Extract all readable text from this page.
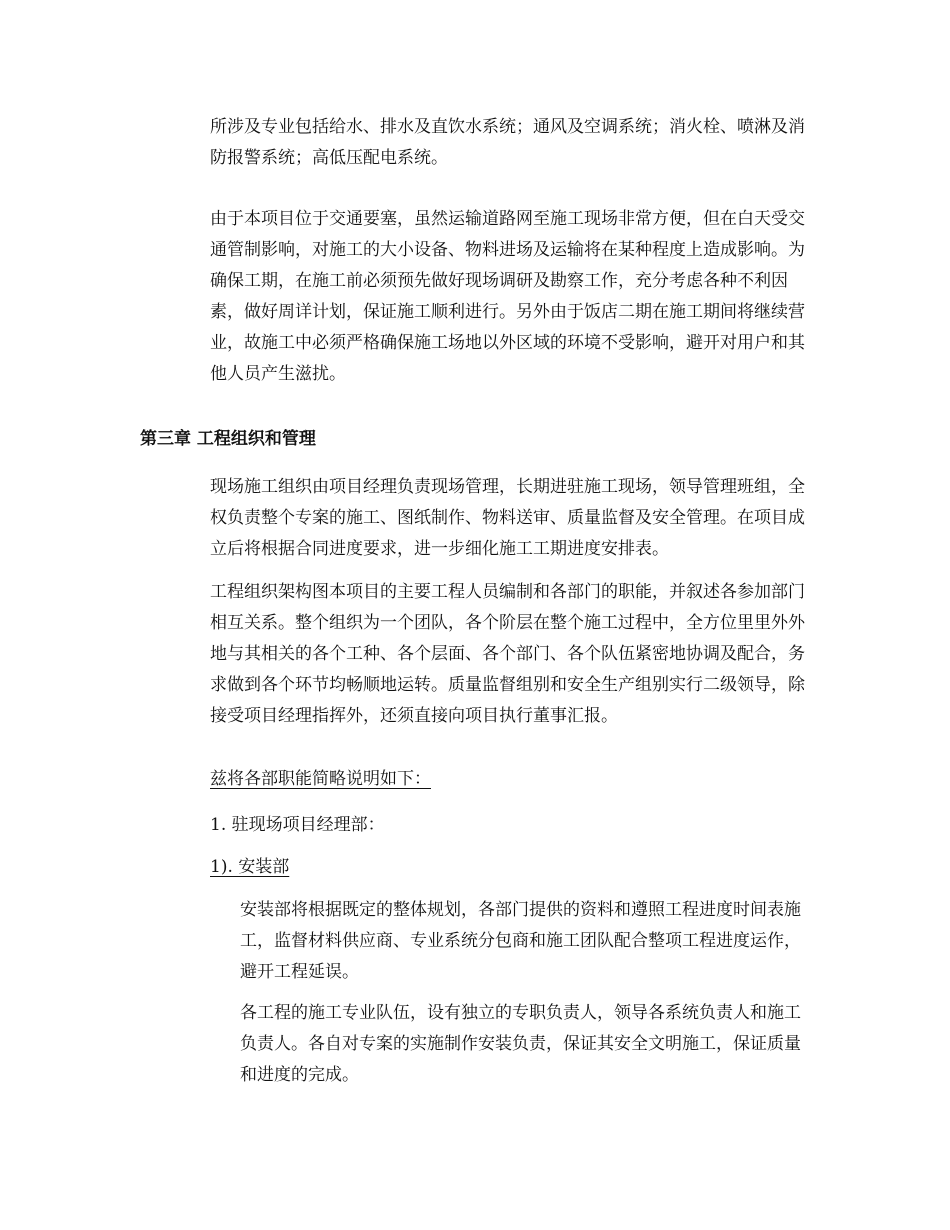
所涉及专业包括给水、排水及直饮水系统；通风及空调系统；消火栓、喷淋及消防报警系统；高低压配电系统。

由于本项目位于交通要塞，虽然运输道路网至施工现场非常方便，但在白天受交通管制影响，对施工的大小设备、物料进场及运输将在某种程度上造成影响。为确保工期，在施工前必须预先做好现场调研及勘察工作，充分考虑各种不利因素，做好周详计划，保证施工顺利进行。另外由于饭店二期在施工期间将继续营业，故施工中必须严格确保施工场地以外区域的环境不受影响，避开对用户和其他人员产生滋扰。

第三章 工程组织和管理

现场施工组织由项目经理负责现场管理，长期进驻施工现场，领导管理班组，全权负责整个专案的施工、图纸制作、物料送审、质量监督及安全管理。在项目成立后将根据合同进度要求，进一步细化施工工期进度安排表。

工程组织架构图本项目的主要工程人员编制和各部门的职能，并叙述各参加部门相互关系。整个组织为一个团队，各个阶层在整个施工过程中，全方位里里外外地与其相关的各个工种、各个层面、各个部门、各个队伍紧密地协调及配合，务求做到各个环节均畅顺地运转。质量监督组别和安全生产组别实行二级领导，除接受项目经理指挥外，还须直接向项目执行董事汇报。

兹将各部职能简略说明如下：

1. 驻现场项目经理部：

1). 安装部

安装部将根据既定的整体规划，各部门提供的资料和遵照工程进度时间表施工，监督材料供应商、专业系统分包商和施工团队配合整项工程进度运作，避开工程延误。

各工程的施工专业队伍，设有独立的专职负责人，领导各系统负责人和施工负责人。各自对专案的实施制作安装负责，保证其安全文明施工，保证质量和进度的完成。
